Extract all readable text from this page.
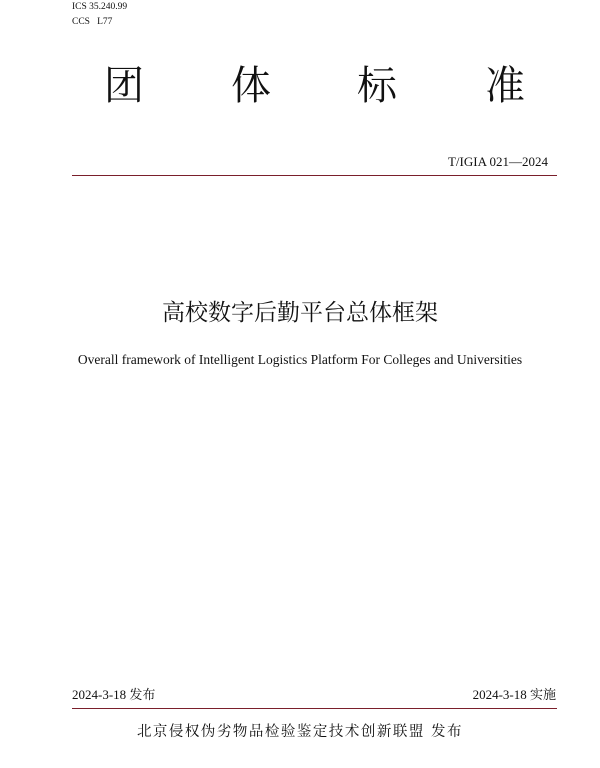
ICS 35.240.99
CCS   L77
团 体 标 准
T/IGIA 021—2024
高校数字后勤平台总体框架
Overall framework of Intelligent Logistics Platform For Colleges and Universities
2024-3-18 发布	2024-3-18 实施
北京侵权伪劣物品检验鉴定技术创新联盟 发布
